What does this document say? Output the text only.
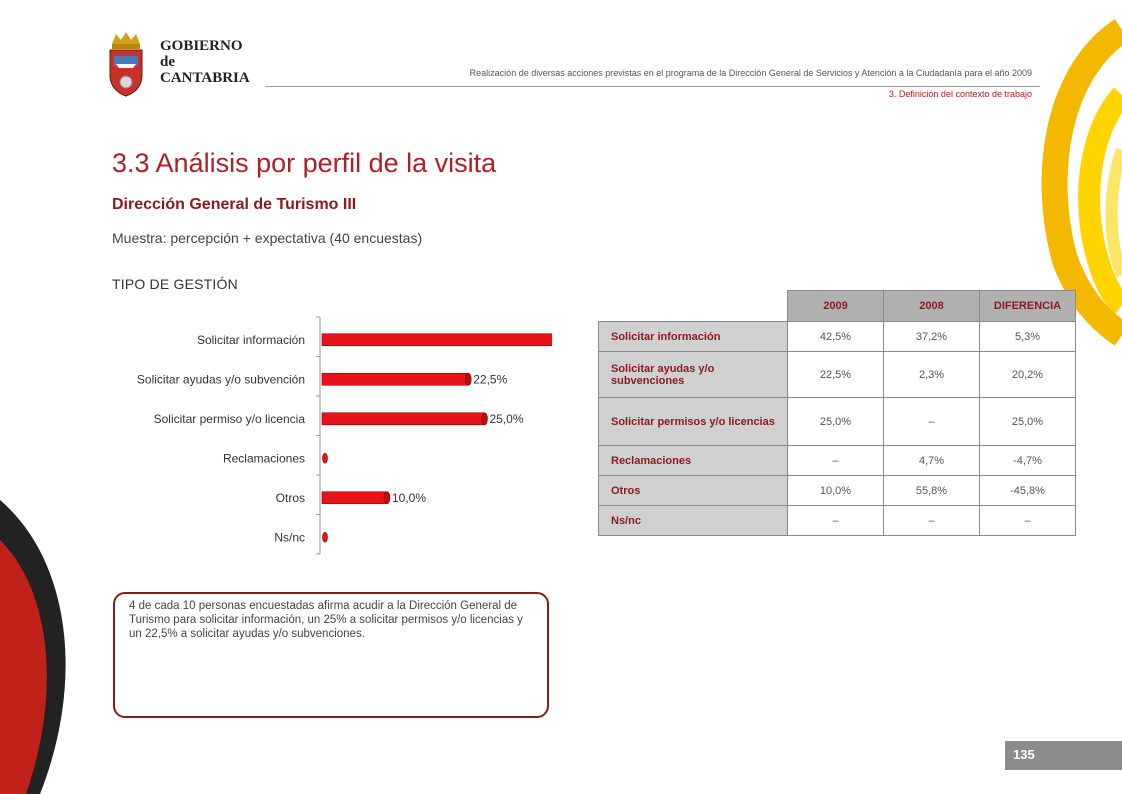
GOBIERNO
de
CANTABRIA	Realización de diversas acciones previstas en el programa de la Dirección General de Servicios y Atención a la Ciudadanía para el año 2009
3. Definición del contexto de trabajo
3.3 Análisis por perfil de la visita
Dirección General de Turismo III
Muestra: percepción + expectativa (40 encuestas)
TIPO DE GESTIÓN
Solicitar información
Solicitar ayudas y/o subvención	22,5%
Solicitar permiso y/o licencia	25,0%
Reclamaciones
Otros	10,0%
Ns/nc
	2009	2008	DIFERENCIA
Solicitar información	42,5%	37,2%	5,3%
Solicitar ayudas y/o subvenciones	22,5%	2,3%	20,2%
Solicitar permisos y/o licencias	25,0%	–	25,0%
Reclamaciones	–	4,7%	-4,7%
Otros	10,0%	55,8%	-45,8%
Ns/nc	–	–	–
4 de cada 10 personas encuestadas afirma acudir a la Dirección General de Turismo para solicitar información, un 25% a solicitar permisos y/o licencias y un 22,5% a solicitar ayudas y/o subvenciones.
135
